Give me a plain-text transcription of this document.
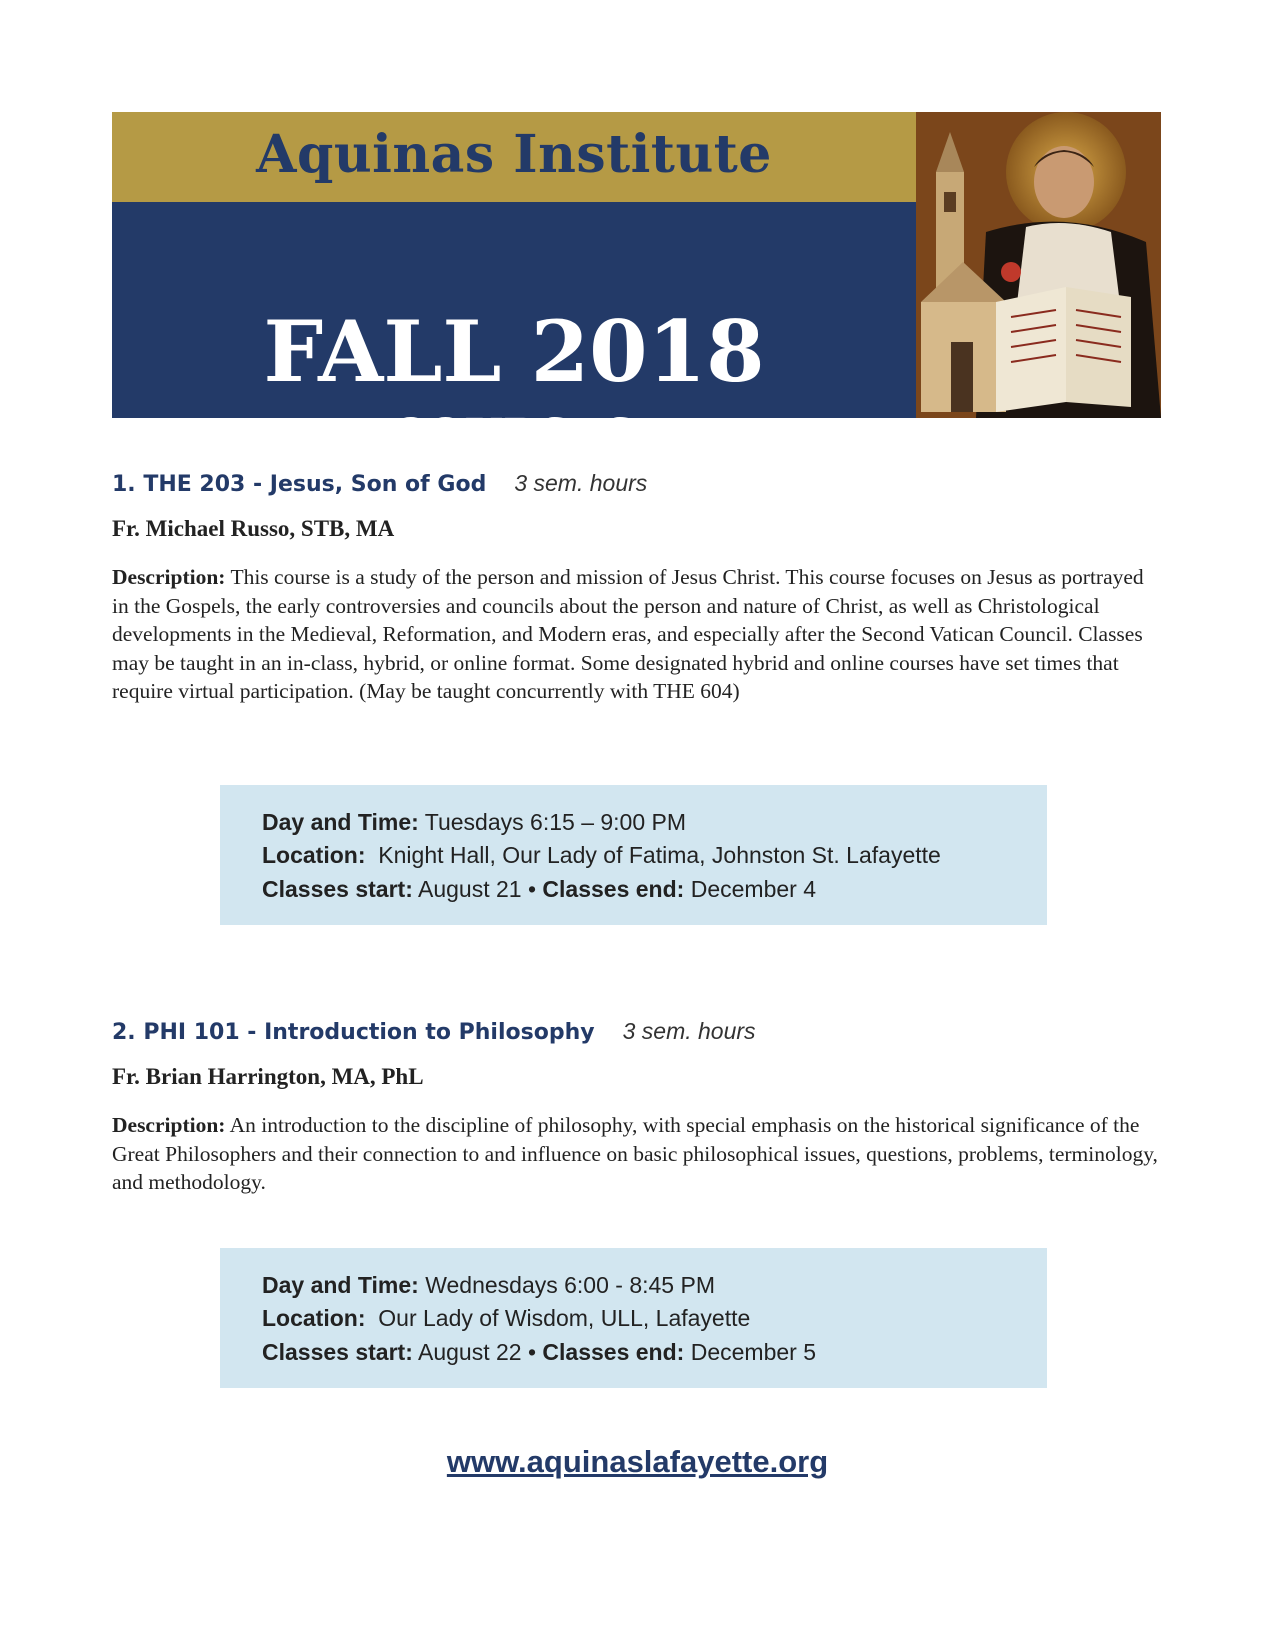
Aquinas Institute
FALL 2018
COURSES
1. THE 203 - Jesus, Son of God 3 sem. hours
Fr. Michael Russo, STB, MA

Description: This course is a study of the person and mission of Jesus Christ. This course focuses on Jesus as portrayed in the Gospels, the early controversies and councils about the person and nature of Christ, as well as Christological developments in the Medieval, Reformation, and Modern eras, and especially after the Second Vatican Council. Classes may be taught in an in-class, hybrid, or online format. Some designated hybrid and online courses have set times that require virtual participation. (May be taught concurrently with THE 604)

Day and Time: Tuesdays 6:15 – 9:00 PM
Location: Knight Hall, Our Lady of Fatima, Johnston St. Lafayette
Classes start: August 21 • Classes end: December 4
2. PHI 101 - Introduction to Philosophy 3 sem. hours
Fr. Brian Harrington, MA, PhL

Description: An introduction to the discipline of philosophy, with special emphasis on the historical significance of the Great Philosophers and their connection to and influence on basic philosophical issues, questions, problems, terminology, and methodology.

Day and Time: Wednesdays 6:00 - 8:45 PM
Location: Our Lady of Wisdom, ULL, Lafayette
Classes start: August 22 • Classes end: December 5
www.aquinaslafayette.org
